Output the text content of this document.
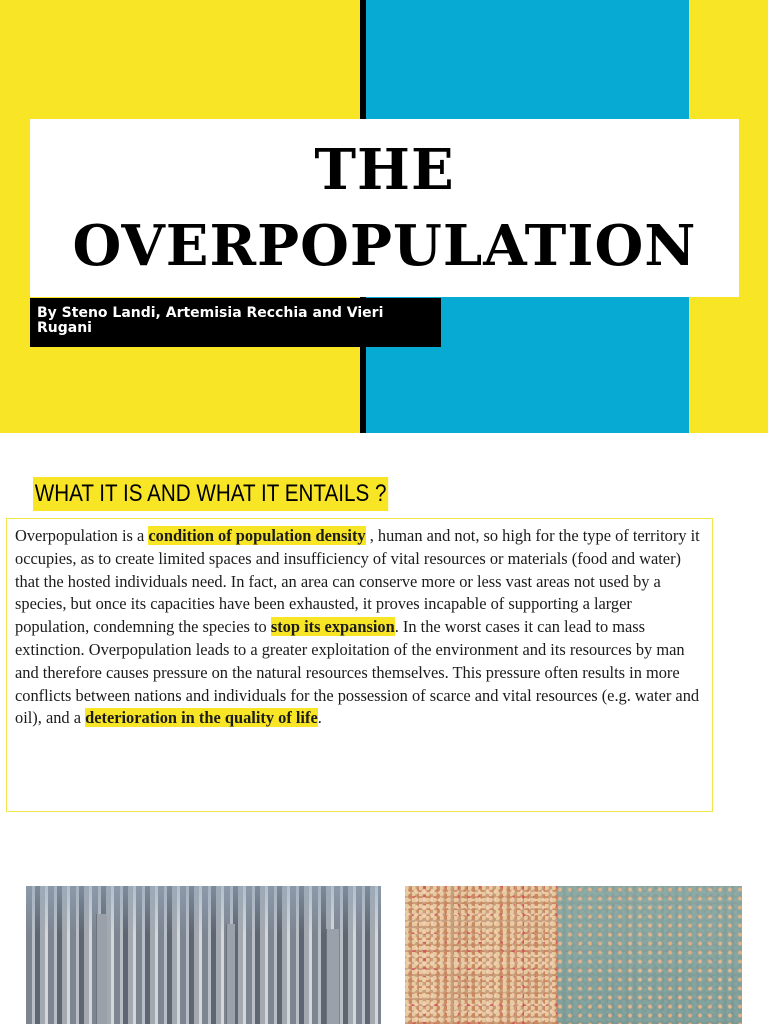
THE
OVERPOPULATION
By Steno Landi, Artemisia Recchia and Vieri Rugani
WHAT IT IS AND WHAT IT ENTAILS ?

Overpopulation is a condition of population density , human and not, so high for the type of territory it occupies, as to create limited spaces and insufficiency of vital resources or materials (food and water) that the hosted individuals need. In fact, an area can conserve more or less vast areas not used by a species, but once its capacities have been exhausted, it proves incapable of supporting a larger population, condemning the species to stop its expansion. In the worst cases it can lead to mass extinction. Overpopulation leads to a greater exploitation of the environment and its resources by man and therefore causes pressure on the natural resources themselves. This pressure often results in more conflicts between nations and individuals for the possession of scarce and vital resources (e.g. water and oil), and a deterioration in the quality of life.
